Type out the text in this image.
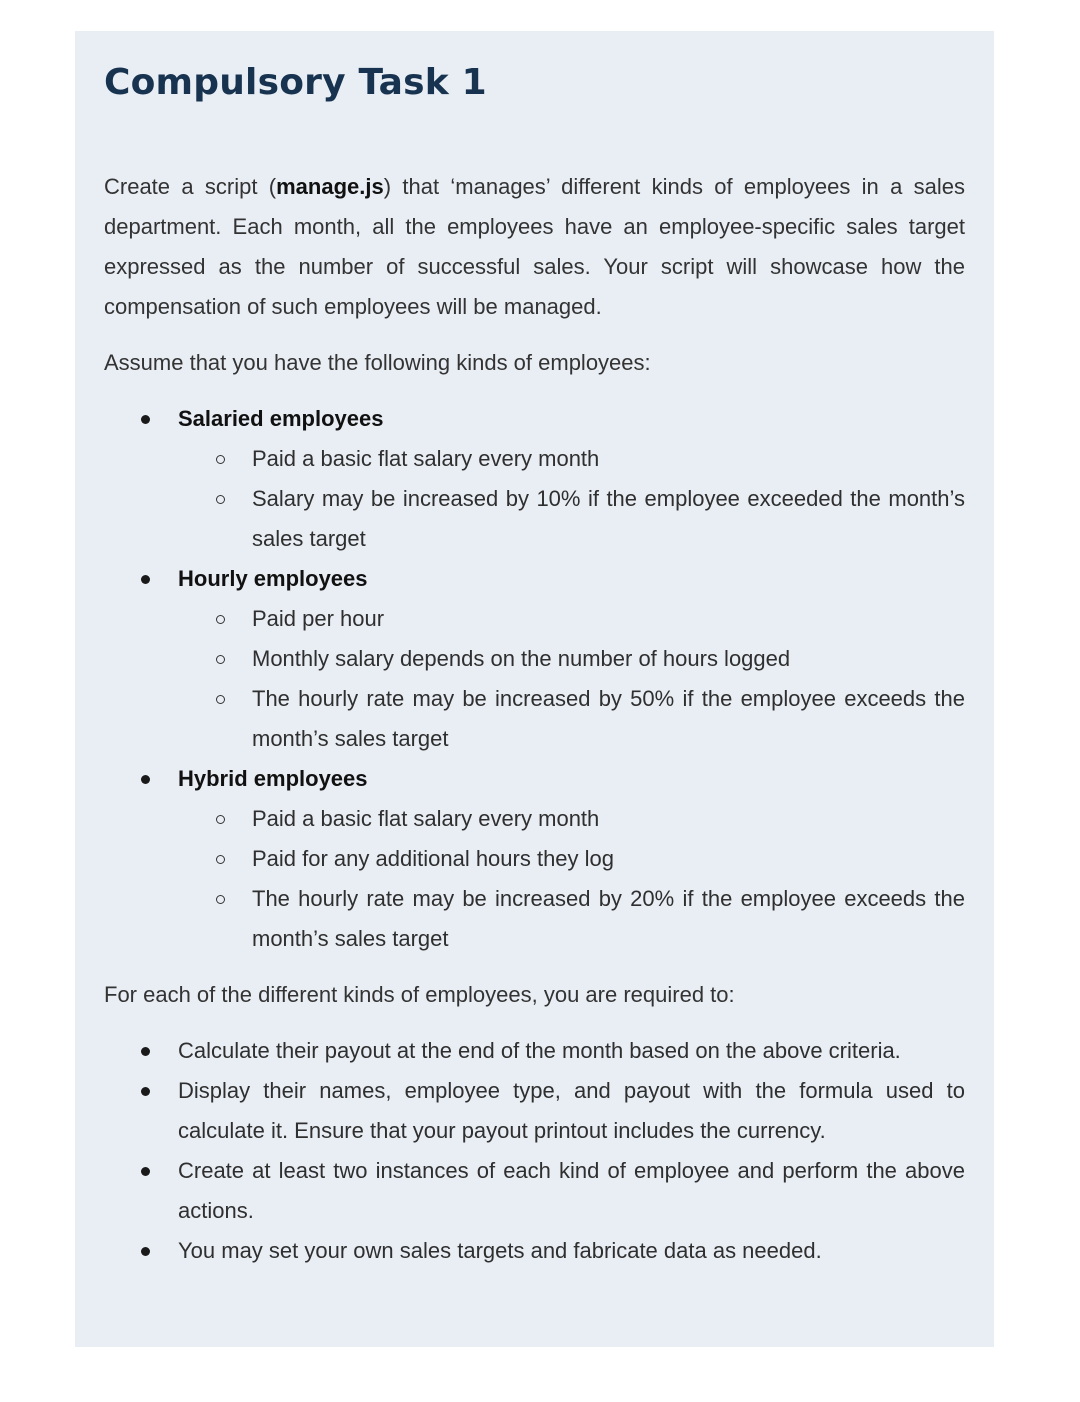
Compulsory Task 1

Create a script (manage.js) that ‘manages’ different kinds of employees in a sales department. Each month, all the employees have an employee-specific sales target expressed as the number of successful sales. Your script will showcase how the compensation of such employees will be managed.

Assume that you have the following kinds of employees:

Salaried employees
Paid a basic flat salary every month
Salary may be increased by 10% if the employee exceeded the month’s sales target
Hourly employees
Paid per hour
Monthly salary depends on the number of hours logged
The hourly rate may be increased by 50% if the employee exceeds the month’s sales target
Hybrid employees
Paid a basic flat salary every month
Paid for any additional hours they log
The hourly rate may be increased by 20% if the employee exceeds the month’s sales target

For each of the different kinds of employees, you are required to:

Calculate their payout at the end of the month based on the above criteria.
Display their names, employee type, and payout with the formula used to calculate it. Ensure that your payout printout includes the currency.
Create at least two instances of each kind of employee and perform the above actions.
You may set your own sales targets and fabricate data as needed.
